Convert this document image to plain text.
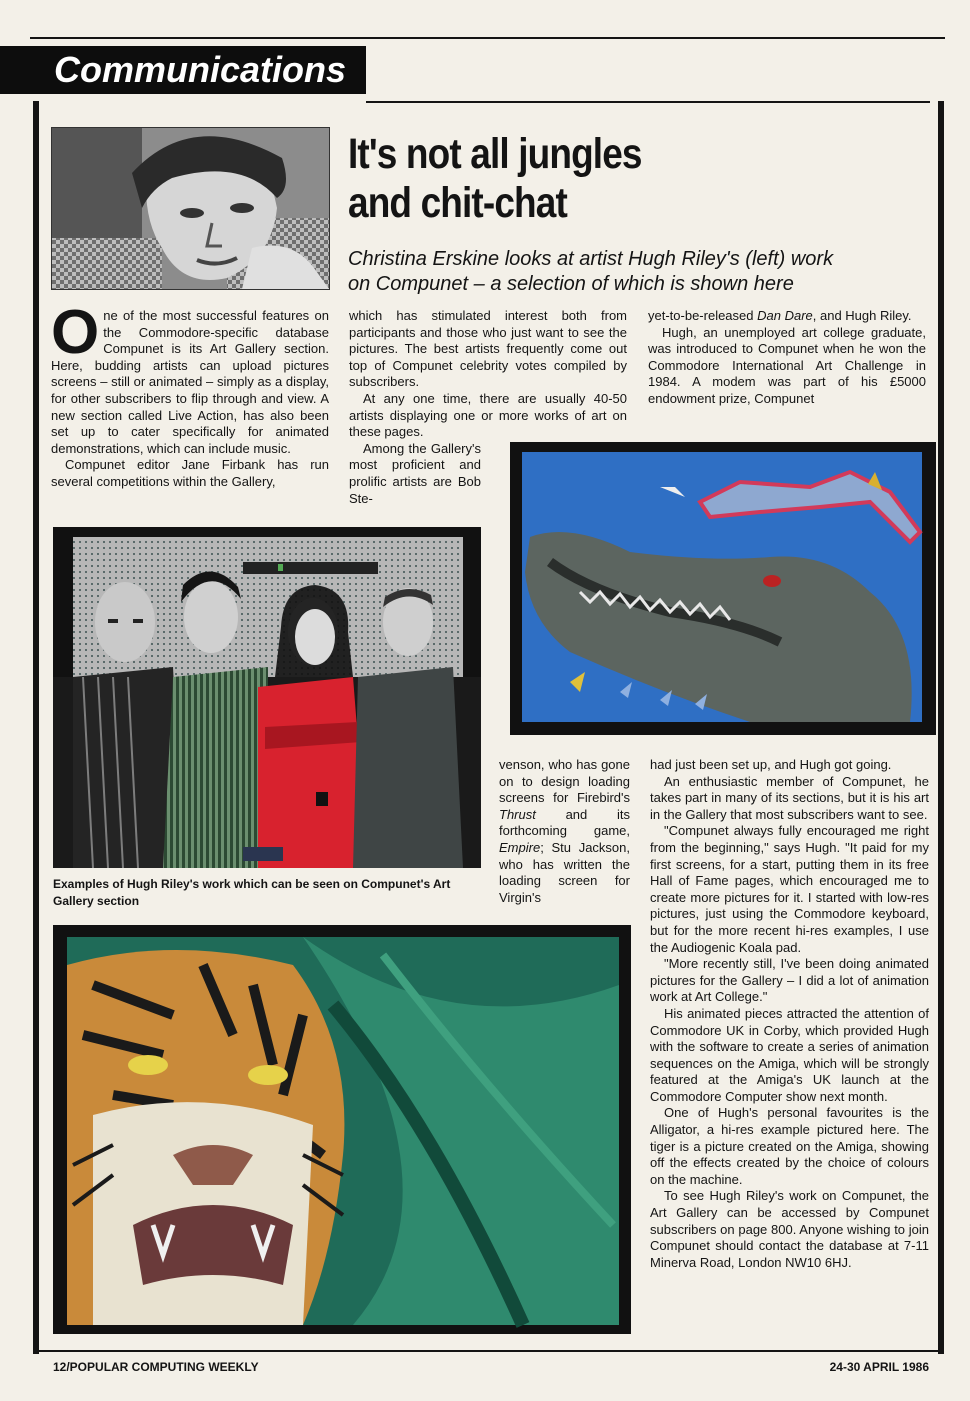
Communications
It's not all jungles
and chit-chat
Christina Erskine looks at artist Hugh Riley's (left) work
on Compunet – a selection of which is shown here

One of the most successful features on the Commodore-specific database Compunet is its Art Gallery section. Here, budding artists can upload pictures screens – still or animated – simply as a display, for other subscribers to flip through and view. A new section called Live Action, has also been set up to cater specifically for animated demonstrations, which can include music.

Compunet editor Jane Firbank has run several competitions within the Gallery,

which has stimulated interest both from participants and those who just want to see the pictures. The best artists frequently come out top of Compunet celebrity votes compiled by subscribers.

At any one time, there are usually 40-50 artists displaying one or more works of art on these pages.

Among the Gallery's most proficient and prolific artists are Bob Ste-

yet-to-be-released Dan Dare, and Hugh Riley.

Hugh, an unemployed art college graduate, was introduced to Compunet when he won the Commodore International Art Challenge in 1984. A modem was part of his £5000 endowment prize, Compunet

Examples of Hugh Riley's work which can be seen on Compunet's Art Gallery section

venson, who has gone on to design loading screens for Firebird's Thrust and its forthcoming game, Empire; Stu Jackson, who has written the loading screen for Virgin's

had just been set up, and Hugh got going.

An enthusiastic member of Compunet, he takes part in many of its sections, but it is his art in the Gallery that most subscribers want to see.

"Compunet always fully encouraged me right from the beginning," says Hugh. "It paid for my first screens, for a start, putting them in its free Hall of Fame pages, which encouraged me to create more pictures for it. I started with low-res pictures, just using the Commodore keyboard, but for the more recent hi-res examples, I use the Audiogenic Koala pad.

"More recently still, I've been doing animated pictures for the Gallery – I did a lot of animation work at Art College."

His animated pieces attracted the attention of Commodore UK in Corby, which provided Hugh with the software to create a series of animation sequences on the Amiga, which will be strongly featured at the Amiga's UK launch at the Commodore Computer show next month.

One of Hugh's personal favourites is the Alligator, a hi-res example pictured here. The tiger is a picture created on the Amiga, showing off the effects created by the choice of colours on the machine.

To see Hugh Riley's work on Compunet, the Art Gallery can be accessed by Compunet subscribers on page 800. Anyone wishing to join Compunet should contact the database at 7-11 Minerva Road, London NW10 6HJ.

12/POPULAR COMPUTING WEEKLY	24-30 APRIL 1986
